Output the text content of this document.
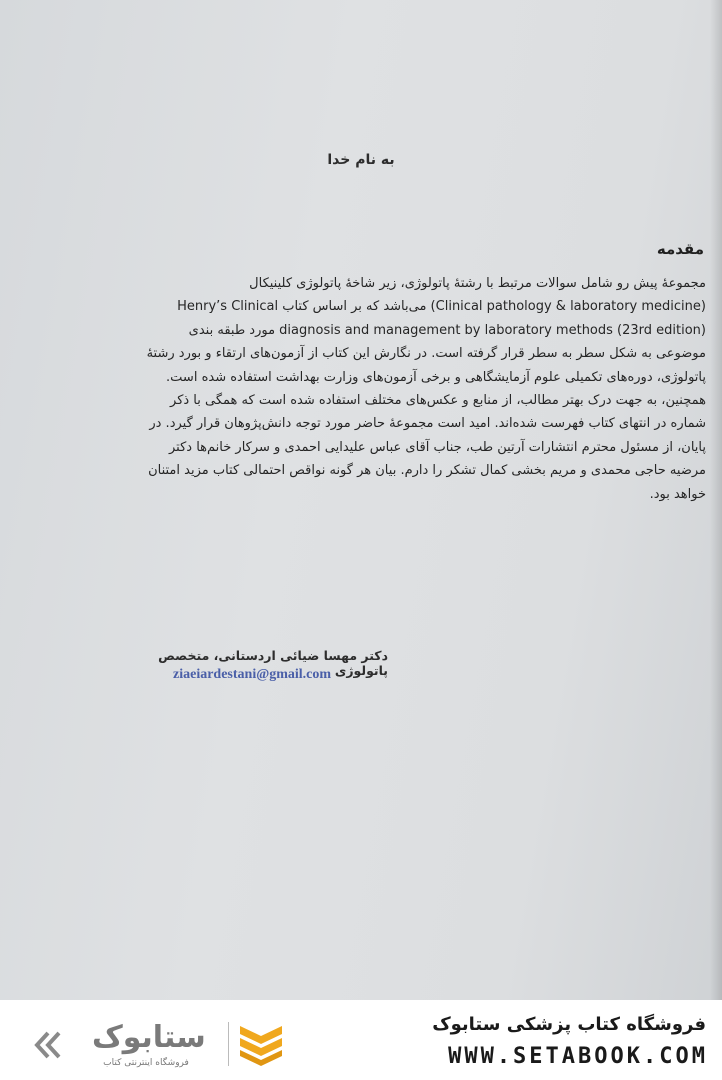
به نام خدا
مقدمه
مجموعهٔ پیش رو شامل سوالات مرتبط با رشتهٔ پاتولوژی، زیر شاخهٔ پاتولوژی کلینیکال
(Clinical pathology & laboratory medicine) می‌باشد که بر اساس کتاب Henry’s Clinical
diagnosis and management by laboratory methods (23rd edition) مورد طبقه بندی
موضوعی به شکل سطر به سطر قرار گرفته است. در نگارش این کتاب از آزمون‌های ارتقاء و بورد رشتهٔ
پاتولوژی، دوره‌های تکمیلی علوم آزمایشگاهی و برخی آزمون‌های وزارت بهداشت استفاده شده است.
همچنین، به جهت درک بهتر مطالب، از منابع و عکس‌های مختلف استفاده شده است که همگی با ذکر
شماره در انتهای کتاب فهرست شده‌اند. امید است مجموعهٔ حاضر مورد توجه دانش‌پژوهان قرار گیرد. در
پایان، از مسئول محترم انتشارات آرتین طب، جناب آقای عباس علیدایی احمدی و سرکار خانم‌ها دکتر
مرضیه حاجی محمدی و مریم بخشی کمال تشکر را دارم. بیان هر گونه نواقص احتمالی کتاب مزید امتنان
خواهد بود.
دکتر مهسا ضیائی اردستانی، متخصص پاتولوژی
ziaeiardestani@gmail.com
ستابوک
فروشگاه اینترنتی کتاب
فروشگاه کتاب پزشکی ستابوک
WWW.SETABOOK.COM
